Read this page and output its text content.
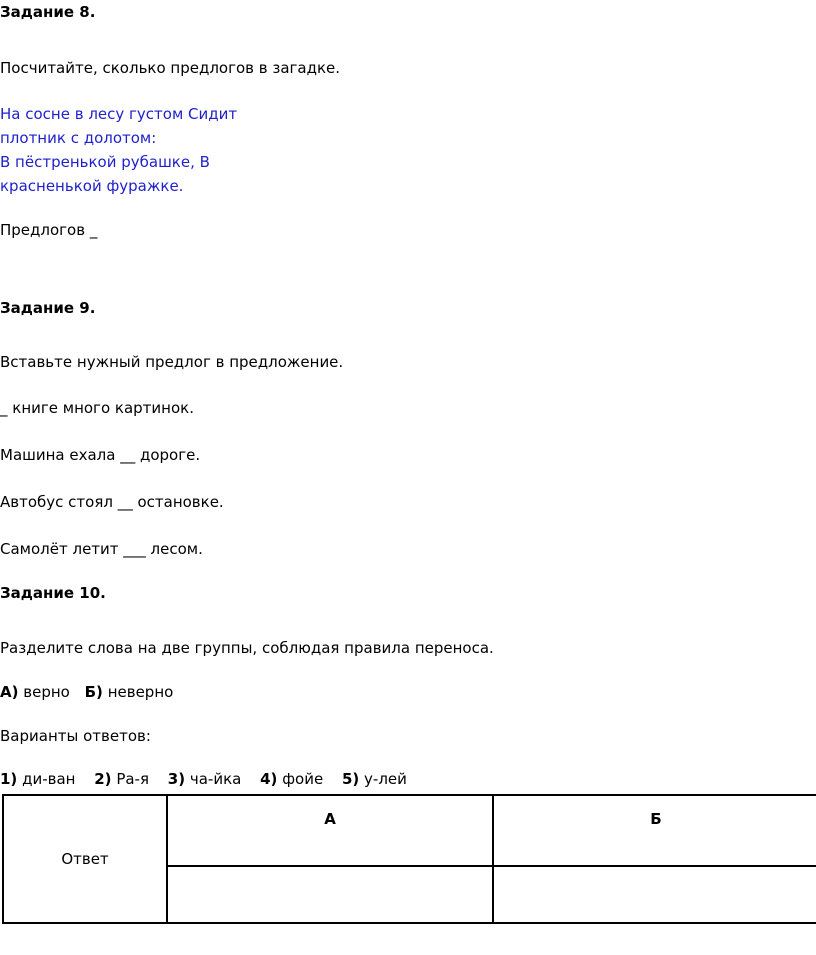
Задание 8.
Посчитайте, сколько предлогов в загадке.
На сосне в лесу густом Сидит
плотник с долотом:
В пёстренькой рубашке, В
красненькой фуражке.
Предлогов _
Задание 9.
Вставьте нужный предлог в предложение.
_ книге много картинок.
Машина ехала __ дороге.
Автобус стоял __ остановке.
Самолёт летит ___ лесом.
Задание 10.
Разделите слова на две группы, соблюдая правила переноса.
А) верно Б) неверно
Варианты ответов:
1) ди-ван 2) Ра-я 3) ча-йка 4) фойе 5) у-лей
Ответ	А	Б
